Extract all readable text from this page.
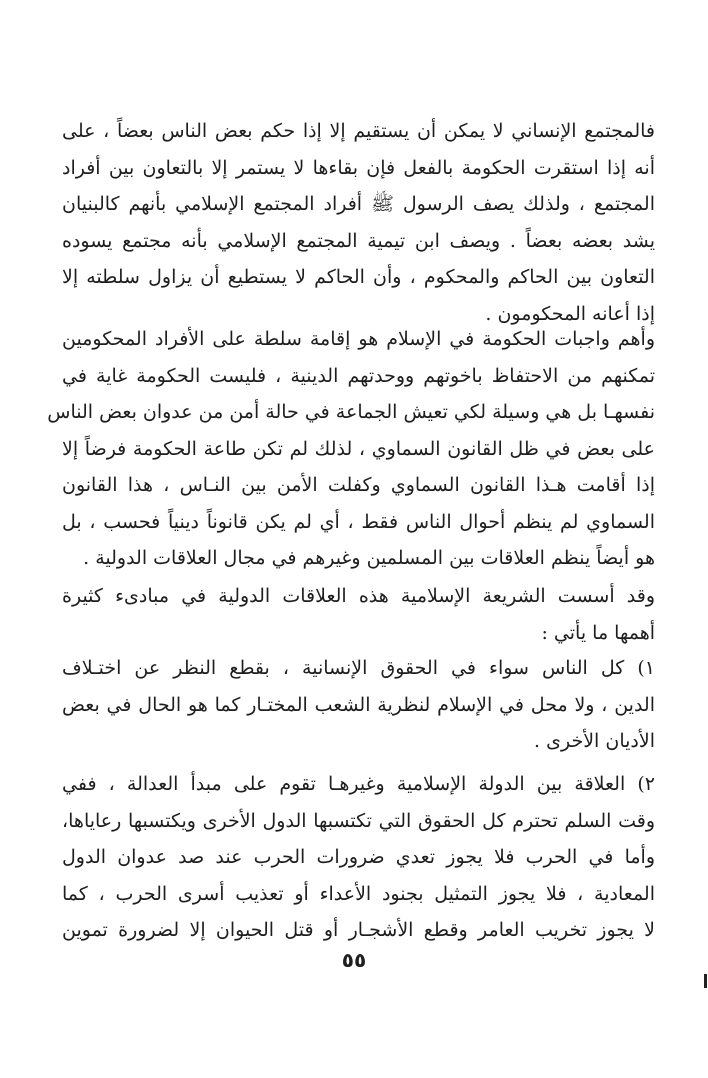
فالمجتمع الإنساني لا يمكن أن يستقيم إلا إذا حكم بعض الناس بعضاً ، على
أنه إذا استقرت الحكومة بالفعل فإن بقاءها لا يستمر إلا بالتعاون بين أفراد
المجتمع ، ولذلك يصف الرسول ﷺ أفراد المجتمع الإسلامي بأنهم كالبنيان
يشد بعضه بعضاً . ويصف ابن تيمية المجتمع الإسلامي بأنه مجتمع يسوده
التعاون بين الحاكم والمحكوم ، وأن الحاكم لا يستطيع أن يزاول سلطته إلا
إذا أعانه المحكومون .
وأهم واجبات الحكومة في الإسلام هو إقامة سلطة على الأفراد المحكومين
تمكنهم من الاحتفاظ باخوتهم ووحدتهم الدينية ، فليست الحكومة غاية في
نفسهـا بل هي وسيلة لكي تعيش الجماعة في حالة أمن من عدوان بعض الناس
على بعض في ظل القانون السماوي ، لذلك لم تكن طاعة الحكومة فرضاً إلا
إذا أقامت هـذا القانون السماوي وكفلت الأمن بين النـاس ، هذا القانون
السماوي لم ينظم أحوال الناس فقط ، أي لم يكن قانوناً دينياً فحسب ، بل
هو أيضاً ينظم العلاقات بين المسلمين وغيرهم في مجال العلاقات الدولية .
وقد أسست الشريعة الإسلامية هذه العلاقات الدولية في مبادىء كثيرة
أهمها ما يأتي :
١) كل الناس سواء في الحقوق الإنسانية ، بقطع النظر عن اختـلاف
الدين ، ولا محل في الإسلام لنظرية الشعب المختـار كما هو الحال في بعض
الأديان الأخرى .
٢) العلاقة بين الدولة الإسلامية وغيرهـا تقوم على مبدأ العدالة ، ففي
وقت السلم تحترم كل الحقوق التي تكتسبها الدول الأخرى ويكتسبها رعاياها،
وأما في الحرب فلا يجوز تعدي ضرورات الحرب عند صد عدوان الدول
المعادية ، فلا يجوز التمثيل بجنود الأعداء أو تعذيب أسرى الحرب ، كما
لا يجوز تخريب العامر وقطع الأشجـار أو قتل الحيوان إلا لضرورة تموين
٥٥
